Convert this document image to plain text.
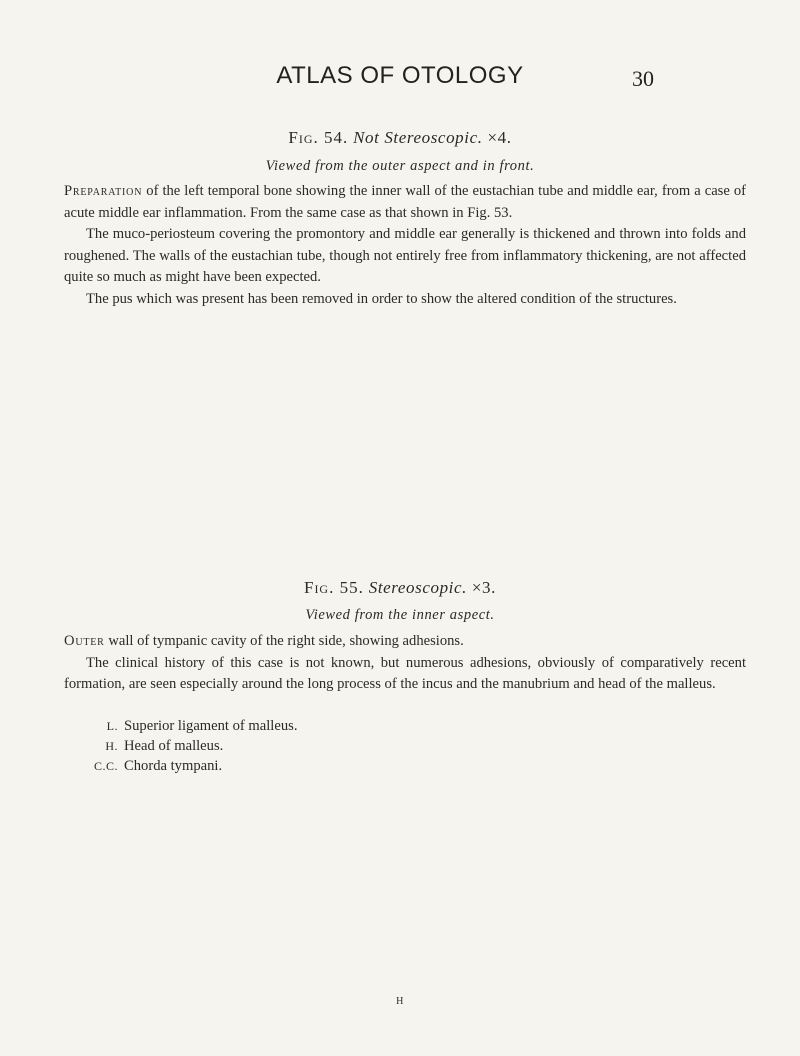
ATLAS OF OTOLOGY	30
Fig. 54. Not Stereoscopic. ×4.
Viewed from the outer aspect and in front.

Preparation of the left temporal bone showing the inner wall of the eustachian tube and middle ear, from a case of acute middle ear inflammation. From the same case as that shown in Fig. 53.

The muco-periosteum covering the promontory and middle ear generally is thickened and thrown into folds and roughened. The walls of the eustachian tube, though not entirely free from inflammatory thickening, are not affected quite so much as might have been expected.

The pus which was present has been removed in order to show the altered condition of the structures.

Fig. 55. Stereoscopic. ×3.
Viewed from the inner aspect.

Outer wall of tympanic cavity of the right side, showing adhesions.

The clinical history of this case is not known, but numerous adhesions, obviously of comparatively recent formation, are seen especially around the long process of the incus and the manubrium and head of the malleus.

L. Superior ligament of malleus.
H. Head of malleus.
C.C. Chorda tympani.
H
